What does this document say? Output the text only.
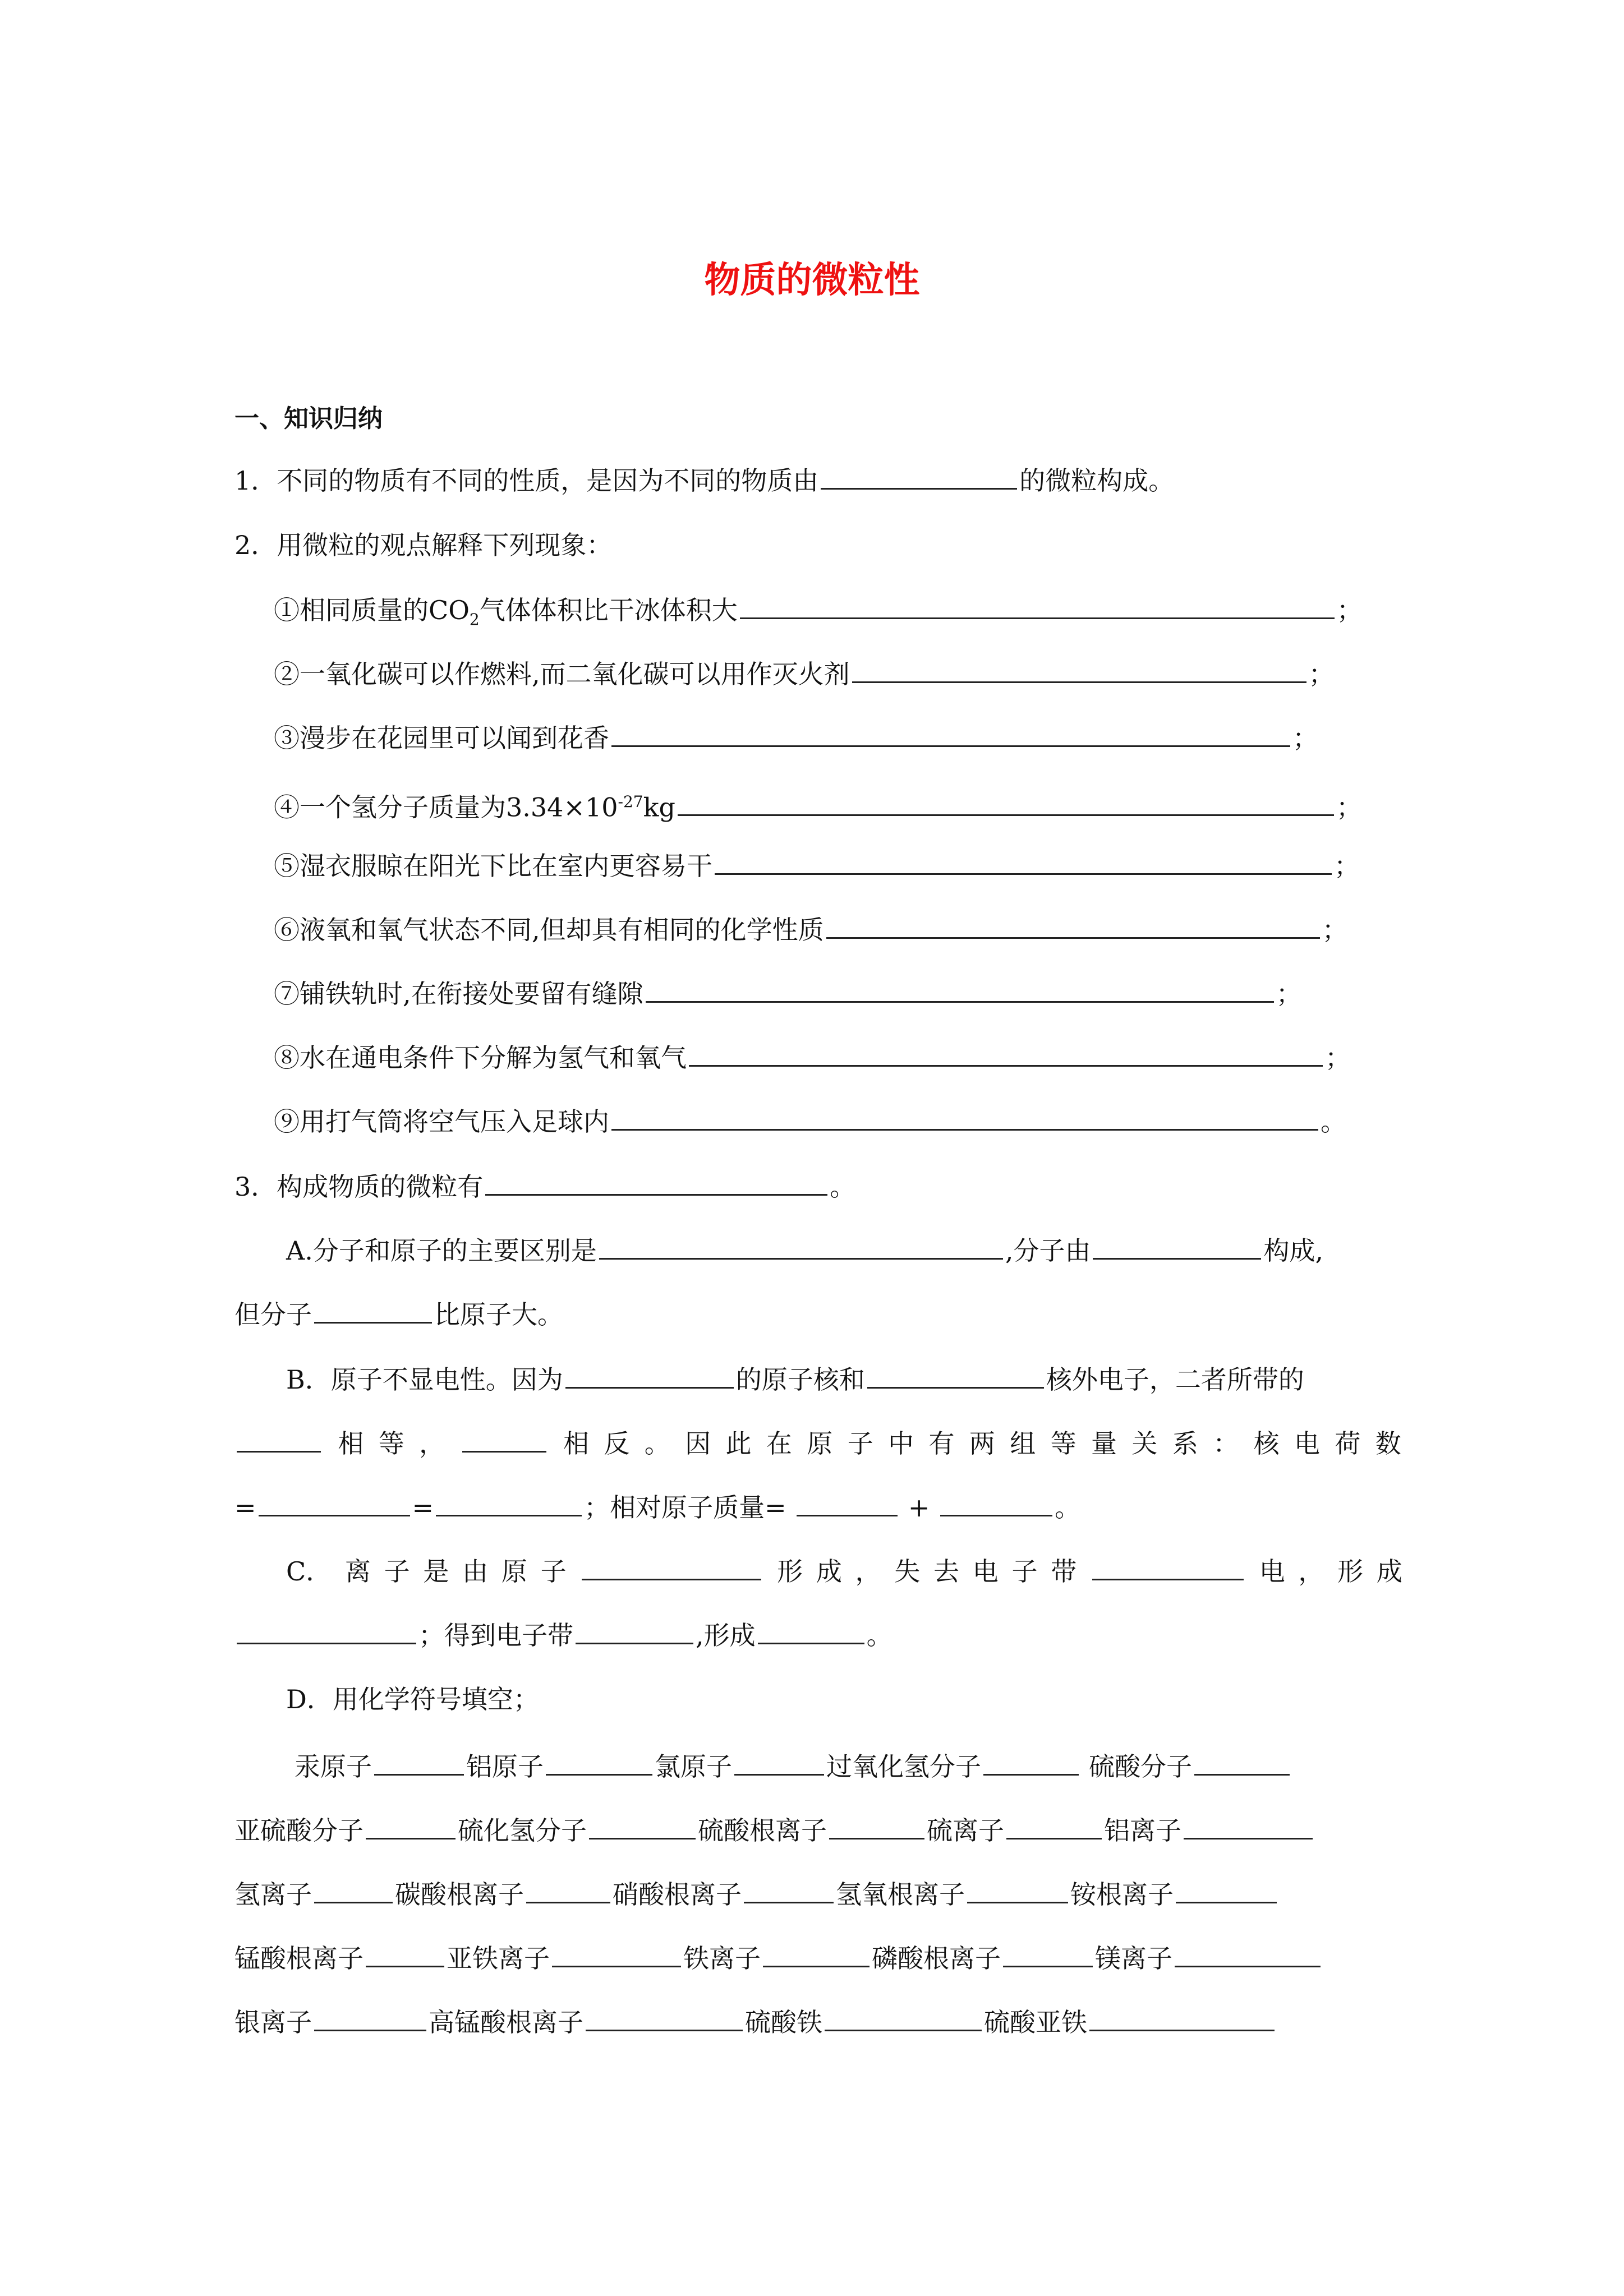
物质的微粒性
一、知识归纳
1．不同的物质有不同的性质，是因为不同的物质由	的微粒构成。
2．用微粒的观点解释下列现象：
①相同质量的$CO_2$气体体积比干冰体积大	；
②一氧化碳可以作燃料,而二氧化碳可以用作灭火剂	；
③漫步在花园里可以闻到花香	；
④一个氢分子质量为$3.34\times 10^{-27}kg$	；
⑤湿衣服晾在阳光下比在室内更容易干	；
⑥液氧和氧气状态不同,但却具有相同的化学性质	；
⑦铺铁轨时,在衔接处要留有缝隙	；
⑧水在通电条件下分解为氢气和氧气	；
⑨用打气筒将空气压入足球内	。
3．构成物质的微粒有	。
A.分子和原子的主要区别是	,分子由	构成,
但分子	比原子大。
B．原子不显电性。因为	的原子核和	核外电子，二者所带的
相 等 ，	相 反 。 因 此 在 原 子 中 有 两 组 等 量 关 系 ： 核 电 荷 数
=	=	；相对原子质量=	+	。
C． 离 子 是 由 原 子	形 成 ， 失 去 电 子 带	电 ， 形 成
；得到电子带	,形成	。
D．用化学符号填空；
汞原子	铝原子	氯原子	过氧化氢分子	硫酸分子
亚硫酸分子	硫化氢分子	硫酸根离子	硫离子	铝离子
氢离子	碳酸根离子	硝酸根离子	氢氧根离子	铵根离子
锰酸根离子	亚铁离子	铁离子	磷酸根离子	镁离子
银离子	高锰酸根离子	硫酸铁	硫酸亚铁
